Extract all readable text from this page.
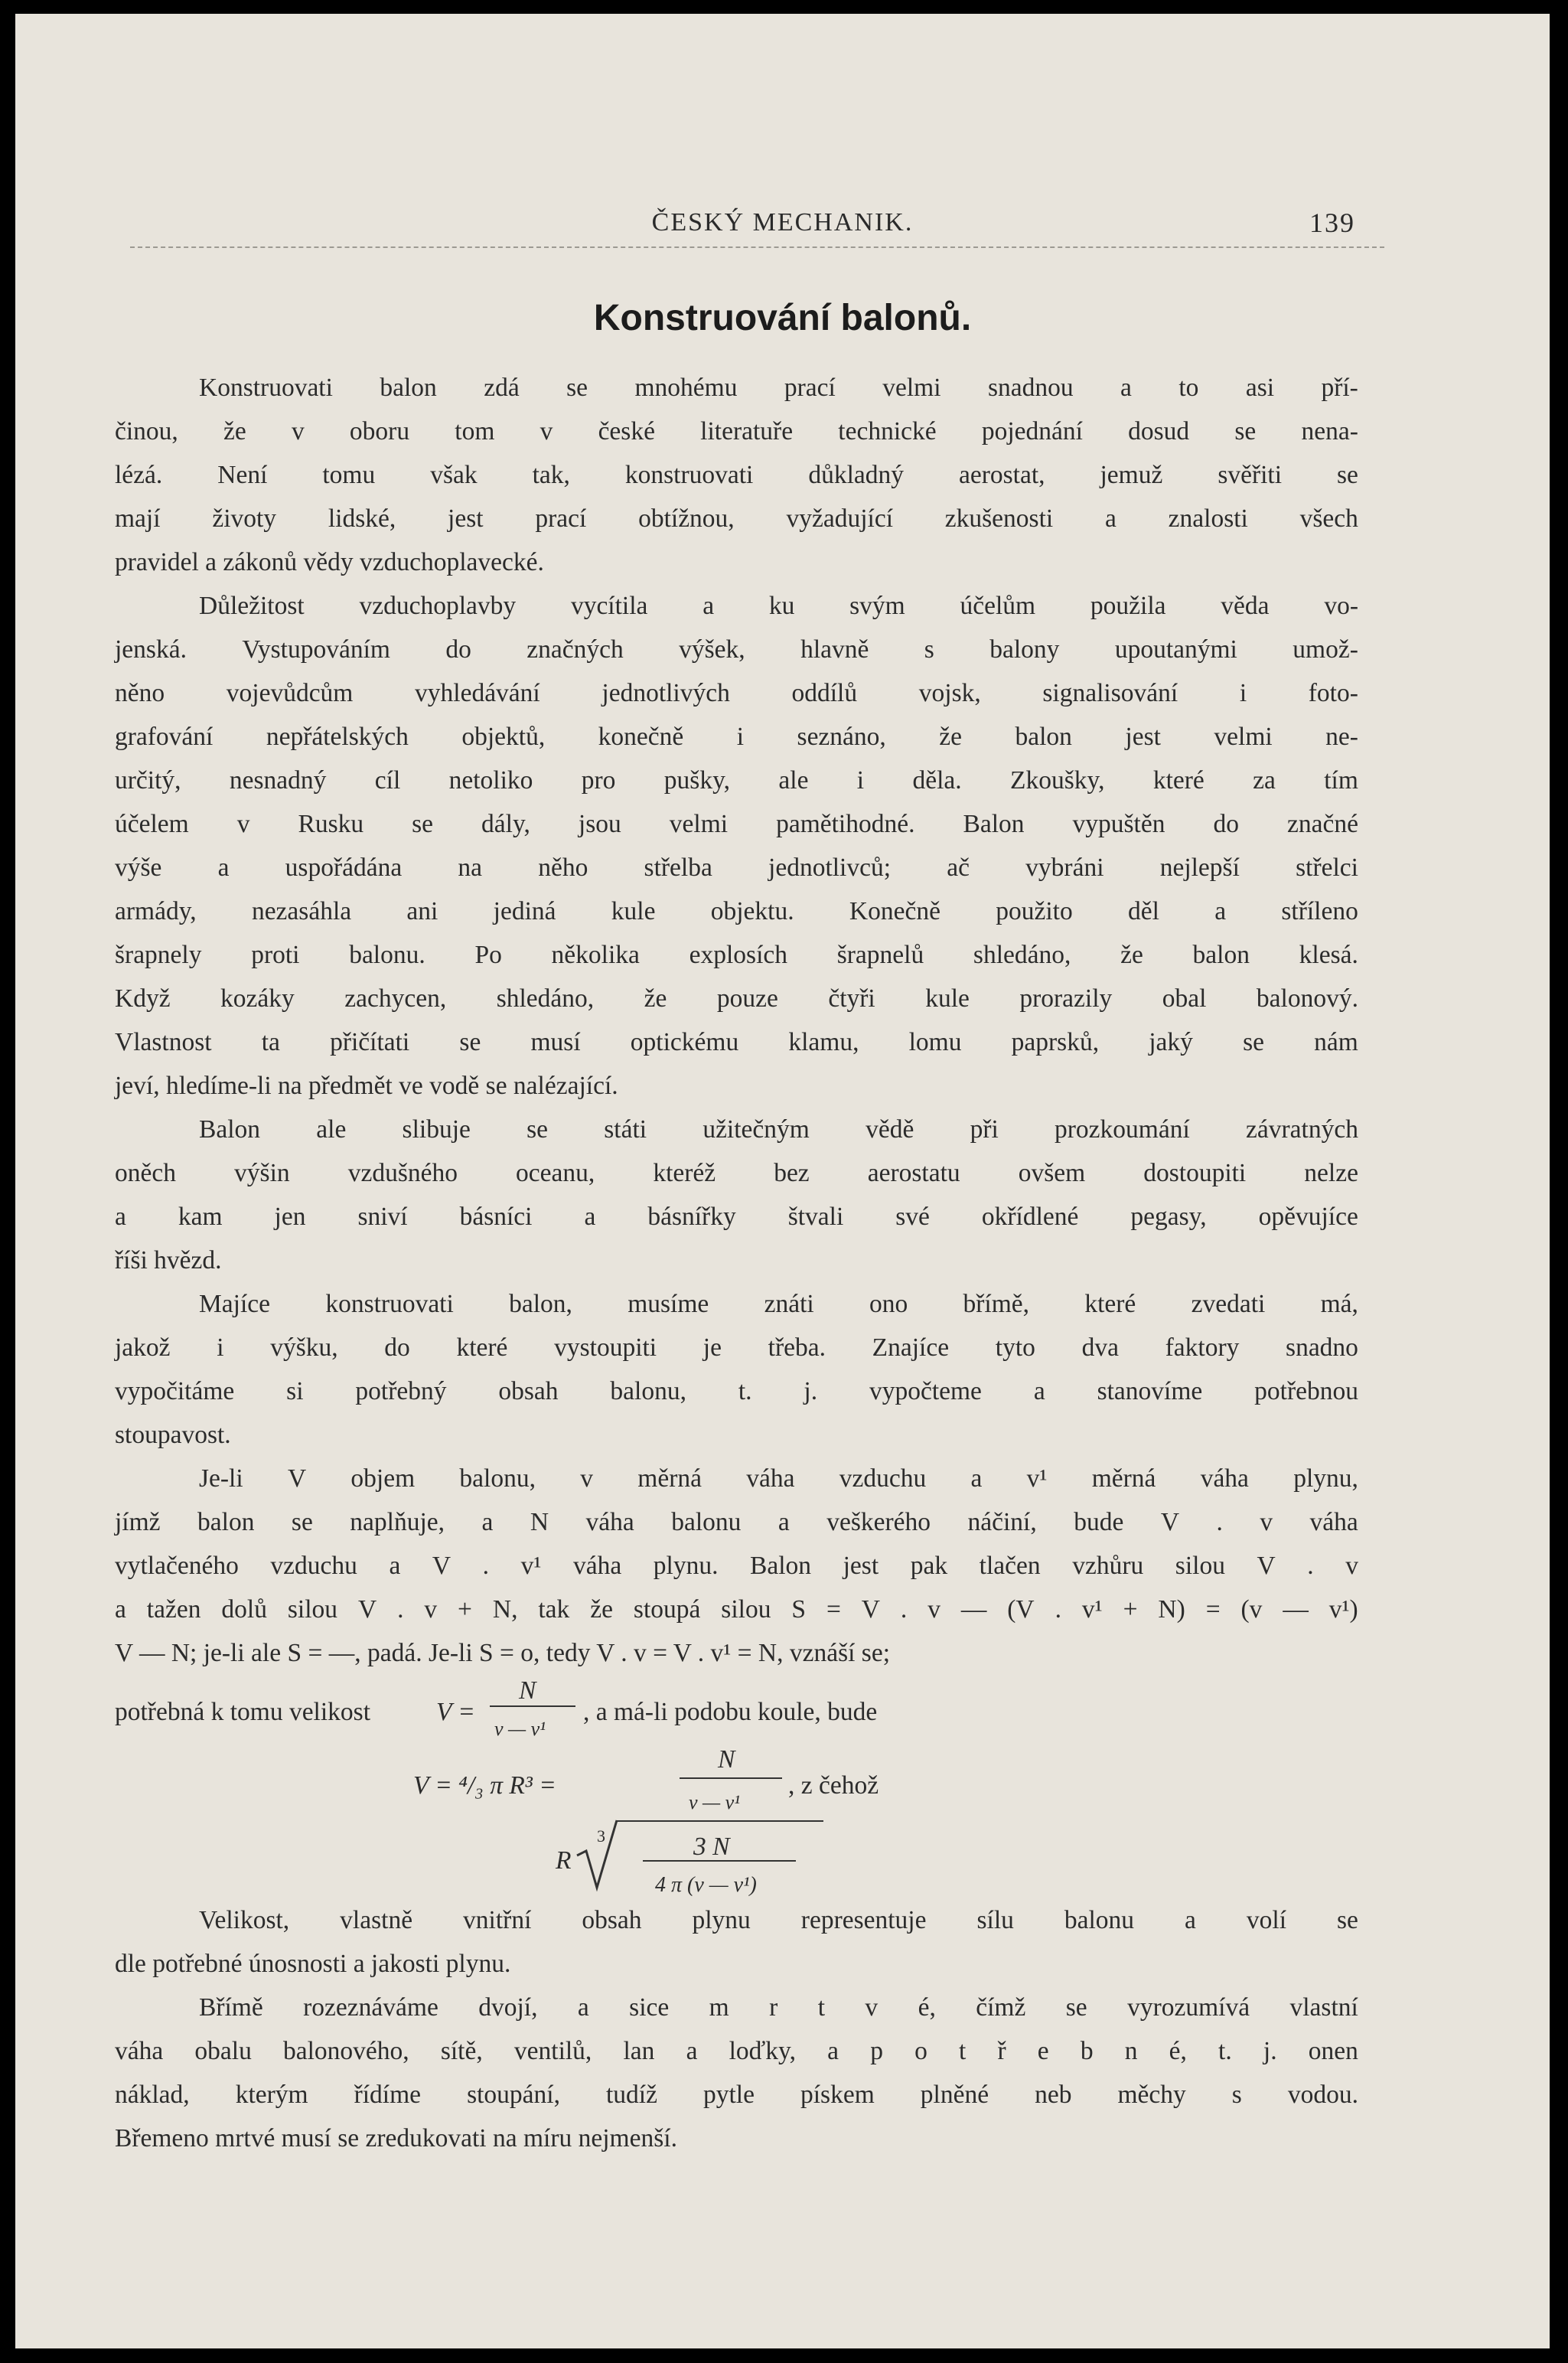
ČESKÝ MECHANIK.	139
Konstruování balonů.
Konstruovati balon zdá se mnohému prací velmi snadnou a to asi pří-
činou, že v oboru tom v české literatuře technické pojednání dosud se nena-
lézá. Není tomu však tak, konstruovati důkladný aerostat, jemuž svěřiti se
mají životy lidské, jest prací obtížnou, vyžadující zkušenosti a znalosti všech
pravidel a zákonů vědy vzduchoplavecké.
Důležitost vzduchoplavby vycítila a ku svým účelům použila věda vo-
jenská. Vystupováním do značných výšek, hlavně s balony upoutanými umož-
něno vojevůdcům vyhledávání jednotlivých oddílů vojsk, signalisování i foto-
grafování nepřátelských objektů, konečně i seznáno, že balon jest velmi ne-
určitý, nesnadný cíl netoliko pro pušky, ale i děla. Zkoušky, které za tím
účelem v Rusku se dály, jsou velmi pamětihodné. Balon vypuštěn do značné
výše a uspořádána na něho střelba jednotlivců; ač vybráni nejlepší střelci
armády, nezasáhla ani jediná kule objektu. Konečně použito děl a stříleno
šrapnely proti balonu. Po několika explosích šrapnelů shledáno, že balon klesá.
Když kozáky zachycen, shledáno, že pouze čtyři kule prorazily obal balonový.
Vlastnost ta přičítati se musí optickému klamu, lomu paprsků, jaký se nám
jeví, hledíme-li na předmět ve vodě se nalézající.
Balon ale slibuje se státi užitečným vědě při prozkoumání závratných
oněch výšin vzdušného oceanu, kteréž bez aerostatu ovšem dostoupiti nelze
a kam jen sniví básníci a básnířky štvali své okřídlené pegasy, opěvujíce
říši hvězd.
Majíce konstruovati balon, musíme znáti ono břímě, které zvedati má,
jakož i výšku, do které vystoupiti je třeba. Znajíce tyto dva faktory snadno
vypočitáme si potřebný obsah balonu, t. j. vypočteme a stanovíme potřebnou
stoupavost.
Je-li V objem balonu, v měrná váha vzduchu a v¹ měrná váha plynu,
jímž balon se naplňuje, a N váha balonu a veškerého náčiní, bude V . v váha
vytlačeného vzduchu a V . v¹ váha plynu. Balon jest pak tlačen vzhůru silou V . v
a tažen dolů silou V . v + N, tak že stoupá silou S = V . v — (V . v¹ + N) = (v — v¹)
V — N; je-li ale S = —, padá. Je-li S = o, tedy V . v = V . v¹ = N, vznáší se;
potřebná k tomu velikost	V =
N
v — v¹
, a má-li podobu koule, bude
V = ⁴/₃ π R³ =
N
v — v¹
, z čehož
R
3	3 N
4 π (v — v¹)
Velikost, vlastně vnitřní obsah plynu representuje sílu balonu a volí se
dle potřebné únosnosti a jakosti plynu.
Břímě rozeznáváme dvojí, a sice m r t v é, čímž se vyrozumívá vlastní
váha obalu balonového, sítě, ventilů, lan a loďky, a p o t ř e b n é, t. j. onen
náklad, kterým řídíme stoupání, tudíž pytle pískem plněné neb měchy s vodou.
Břemeno mrtvé musí se zredukovati na míru nejmenší.
